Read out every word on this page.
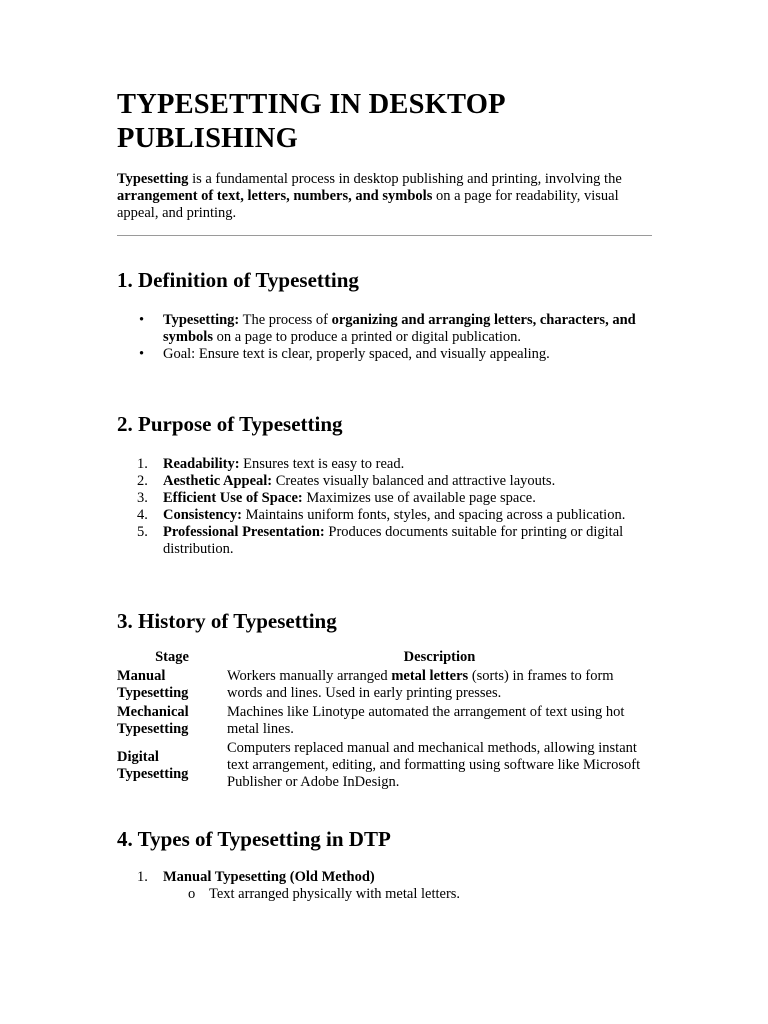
TYPESETTING IN DESKTOP PUBLISHING

Typesetting is a fundamental process in desktop publishing and printing, involving the arrangement of text, letters, numbers, and symbols on a page for readability, visual appeal, and printing.

1. Definition of Typesetting
• Typesetting: The process of organizing and arranging letters, characters, and symbols on a page to produce a printed or digital publication.
• Goal: Ensure text is clear, properly spaced, and visually appealing.
2. Purpose of Typesetting
1. Readability: Ensures text is easy to read.
2. Aesthetic Appeal: Creates visually balanced and attractive layouts.
3. Efficient Use of Space: Maximizes use of available page space.
4. Consistency: Maintains uniform fonts, styles, and spacing across a publication.
5. Professional Presentation: Produces documents suitable for printing or digital distribution.
3. History of Typesetting
Stage	Description
Manual Typesetting	Workers manually arranged metal letters (sorts) in frames to form words and lines. Used in early printing presses.
Mechanical Typesetting	Machines like Linotype automated the arrangement of text using hot metal lines.
Digital Typesetting	Computers replaced manual and mechanical methods, allowing instant text arrangement, editing, and formatting using software like Microsoft Publisher or Adobe InDesign.
4. Types of Typesetting in DTP
1. Manual Typesetting (Old Method)
o Text arranged physically with metal letters.
